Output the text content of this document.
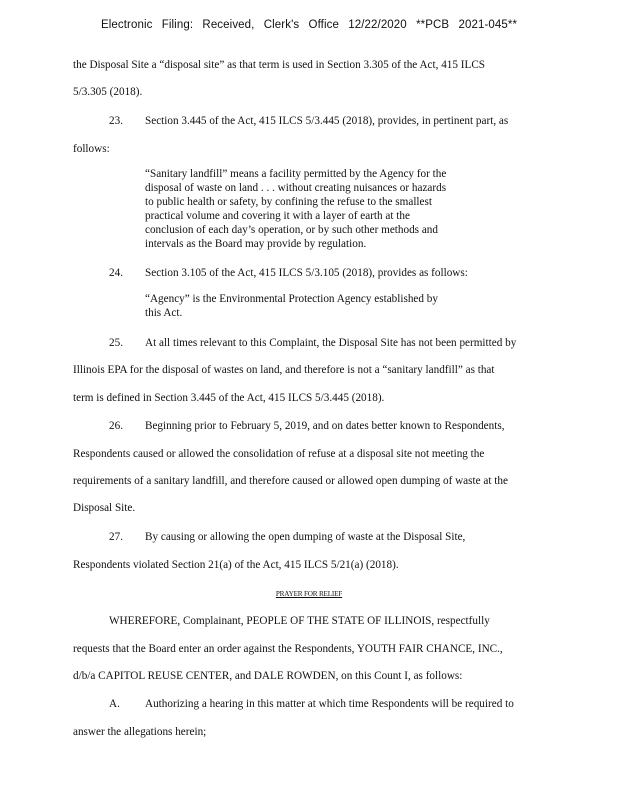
Electronic Filing: Received, Clerk's Office 12/22/2020 **PCB 2021-045**
the Disposal Site a “disposal site” as that term is used in Section 3.305 of the Act, 415 ILCS
5/3.305 (2018).
23. Section 3.445 of the Act, 415 ILCS 5/3.445 (2018), provides, in pertinent part, as
follows:
“Sanitary landfill” means a facility permitted by the Agency for the
disposal of waste on land . . . without creating nuisances or hazards
to public health or safety, by confining the refuse to the smallest
practical volume and covering it with a layer of earth at the
conclusion of each day’s operation, or by such other methods and
intervals as the Board may provide by regulation.
24. Section 3.105 of the Act, 415 ILCS 5/3.105 (2018), provides as follows:
“Agency” is the Environmental Protection Agency established by
this Act.
25. At all times relevant to this Complaint, the Disposal Site has not been permitted by
Illinois EPA for the disposal of wastes on land, and therefore is not a “sanitary landfill” as that
term is defined in Section 3.445 of the Act, 415 ILCS 5/3.445 (2018).
26. Beginning prior to February 5, 2019, and on dates better known to Respondents,
Respondents caused or allowed the consolidation of refuse at a disposal site not meeting the
requirements of a sanitary landfill, and therefore caused or allowed open dumping of waste at the
Disposal Site.
27. By causing or allowing the open dumping of waste at the Disposal Site,
Respondents violated Section 21(a) of the Act, 415 ILCS 5/21(a) (2018).
PRAYER FOR RELIEF
WHEREFORE, Complainant, PEOPLE OF THE STATE OF ILLINOIS, respectfully
requests that the Board enter an order against the Respondents, YOUTH FAIR CHANCE, INC.,
d/b/a CAPITOL REUSE CENTER, and DALE ROWDEN, on this Count I, as follows:
A. Authorizing a hearing in this matter at which time Respondents will be required to
answer the allegations herein;
